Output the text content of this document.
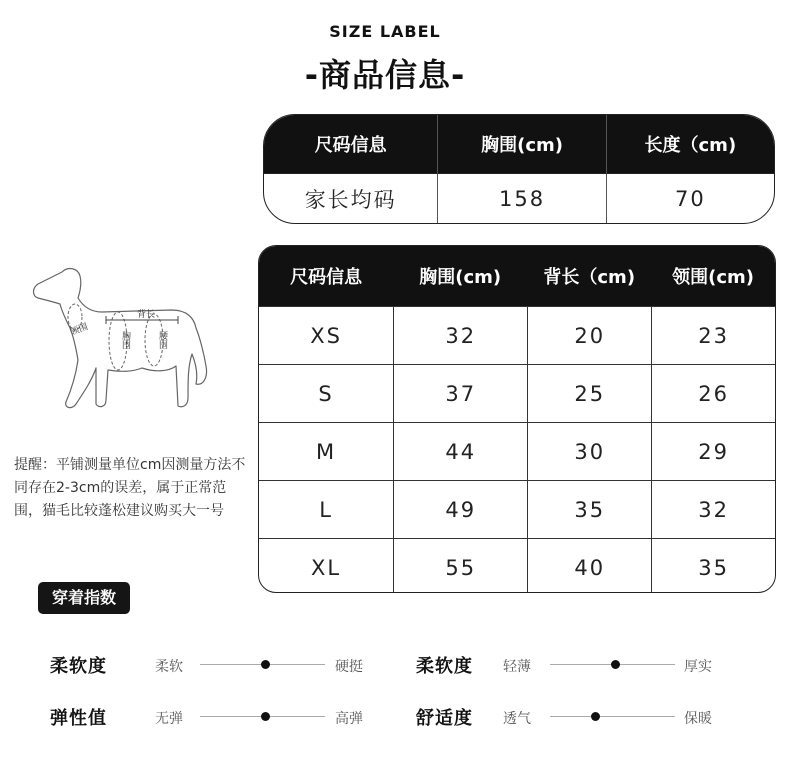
SIZE LABEL
-商品信息-
尺码信息	胸围(cm)	长度（cm)
家长均码	158	70
尺码信息	胸围(cm)	背长（cm)	领围(cm)
XS	32	20	23
S	37	25	26
M	44	30	29
L	49	35	32
XL	55	40	35
背长
领围
胸围	腰围
提醒：平铺测量单位cm因测量方法不同存在2-3cm的误差，属于正常范围，猫毛比较蓬松建议购买大一号
穿着指数
柔软度	柔软	硬挺	柔软度 轻薄	厚实
弹性值	无弹	高弹	舒适度 透气	保暖
